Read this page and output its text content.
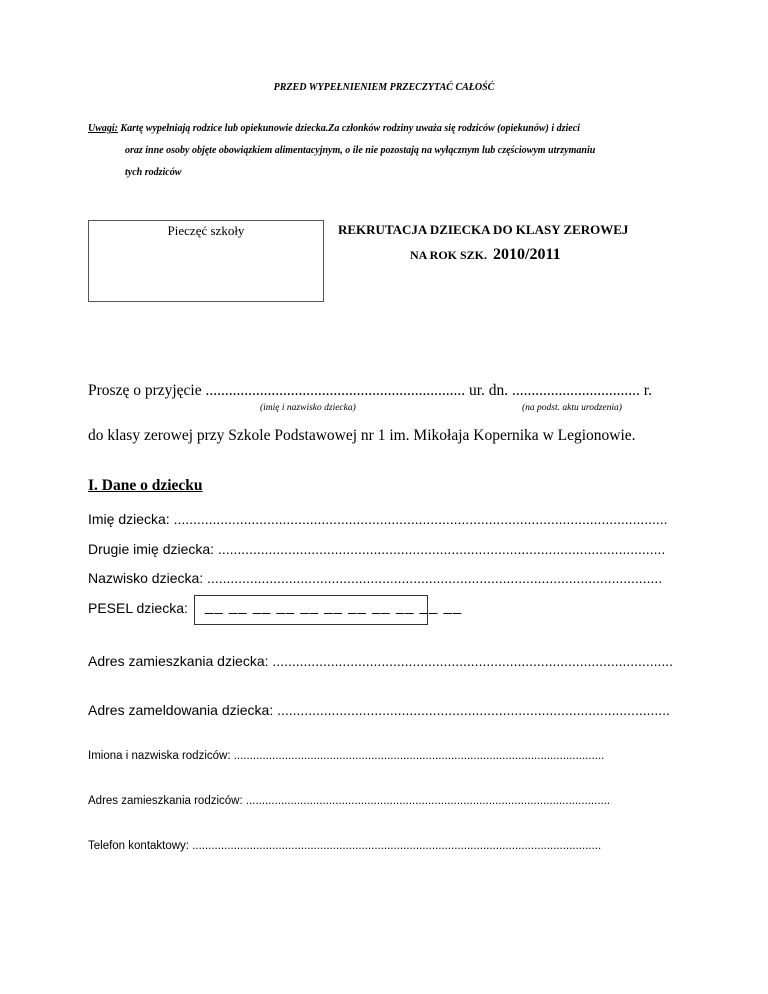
PRZED WYPEŁNIENIEM PRZECZYTAĆ CAŁOŚĆ
Uwagi: Kartę wypełniają rodzice lub opiekunowie dziecka.Za członków rodziny uważa się rodziców (opiekunów) i dzieci
oraz inne osoby objęte obowiązkiem alimentacyjnym, o ile nie pozostają na wyłącznym lub częściowym utrzymaniu
tych rodziców
Pieczęć szkoły	REKRUTACJA DZIECKA DO KLASY ZEROWEJ
NA ROK SZK. 2010/2011
Proszę o przyjęcie ................................................................... ur. dn. ................................. r.
(imię i nazwisko dziecka)	(na podst. aktu urodzenia)
do klasy zerowej przy Szkole Podstawowej nr 1 im. Mikołaja Kopernika w Legionowie.
I. Dane o dziecku
Imię dziecka: ...............................................................................................................................
Drugie imię dziecka: ...................................................................................................................
Nazwisko dziecka: .....................................................................................................................
PESEL dziecka: __ __ __ __ __ __ __ __ __ __ __
Adres zamieszkania dziecka: .......................................................................................................
Adres zameldowania dziecka: .....................................................................................................
Imiona i nazwiska rodziców: ....................................................................................................................
Adres zamieszkania rodziców: ..................................................................................................................
Telefon kontaktowy: ................................................................................................................................
